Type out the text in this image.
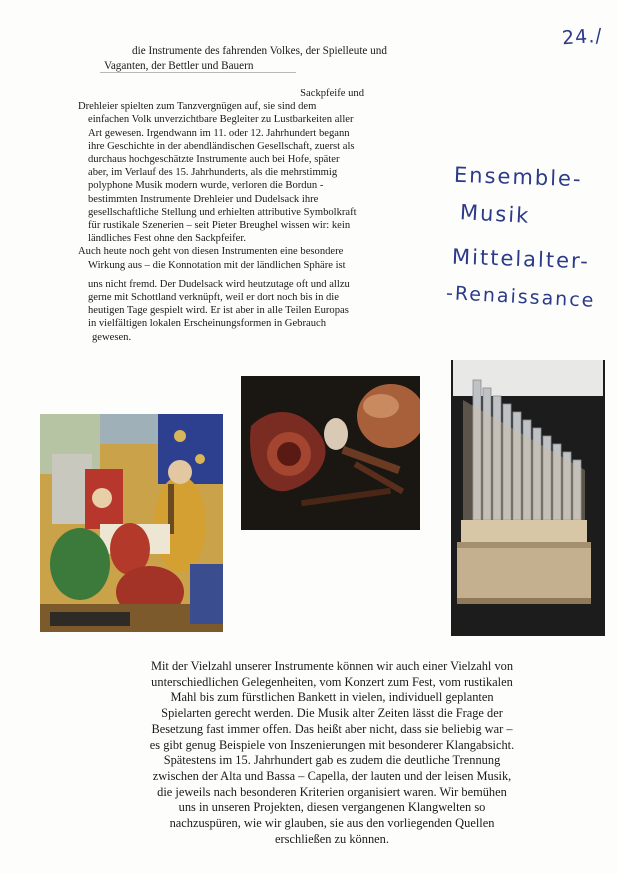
24./
die Instrumente des fahrenden Volkes, der Spielleute und
Vaganten, der Bettler und Bauern
Sackpfeife und
Drehleier spielten zum Tanzvergnügen auf, sie sind dem
einfachen Volk unverzichtbare Begleiter zu Lustbarkeiten aller
Art gewesen. Irgendwann im 11. oder 12. Jahrhundert begann
ihre Geschichte in der abendländischen Gesellschaft, zuerst als
durchaus hochgeschätzte Instrumente auch bei Hofe, später
aber, im Verlauf des 15. Jahrhunderts, als die mehrstimmig
polyphone Musik modern wurde, verloren die Bordun -
bestimmten Instrumente Drehleier und Dudelsack ihre
gesellschaftliche Stellung und erhielten attributive Symbolkraft
für rustikale Szenerien – seit Pieter Breughel wissen wir: kein
ländliches Fest ohne den Sackpfeifer.
Auch heute noch geht von diesen Instrumenten eine besondere
Wirkung aus – die Konnotation mit der ländlichen Sphäre ist
uns nicht fremd. Der Dudelsack wird heutzutage oft und allzu
gerne mit Schottland verknüpft, weil er dort noch bis in die
heutigen Tage gespielt wird. Er ist aber in alle Teilen Europas
in vielfältigen lokalen Erscheinungsformen in Gebrauch
gewesen.
Ensemble-
Musik
Mittelalter-
-Renaissance
Mit der Vielzahl unserer Instrumente können wir auch einer Vielzahl von
unterschiedlichen Gelegenheiten, vom Konzert zum Fest, vom rustikalen
Mahl bis zum fürstlichen Bankett in vielen, individuell geplanten
Spielarten gerecht werden. Die Musik alter Zeiten lässt die Frage der
Besetzung fast immer offen. Das heißt aber nicht, dass sie beliebig war –
es gibt genug Beispiele von Inszenierungen mit besonderer Klangabsicht.
Spätestens im 15. Jahrhundert gab es zudem die deutliche Trennung
zwischen der Alta und Bassa – Capella, der lauten und der leisen Musik,
die jeweils nach besonderen Kriterien organisiert waren. Wir bemühen
uns in unseren Projekten, diesen vergangenen Klangwelten so
nachzuspüren, wie wir glauben, sie aus den vorliegenden Quellen
erschließen zu können.
